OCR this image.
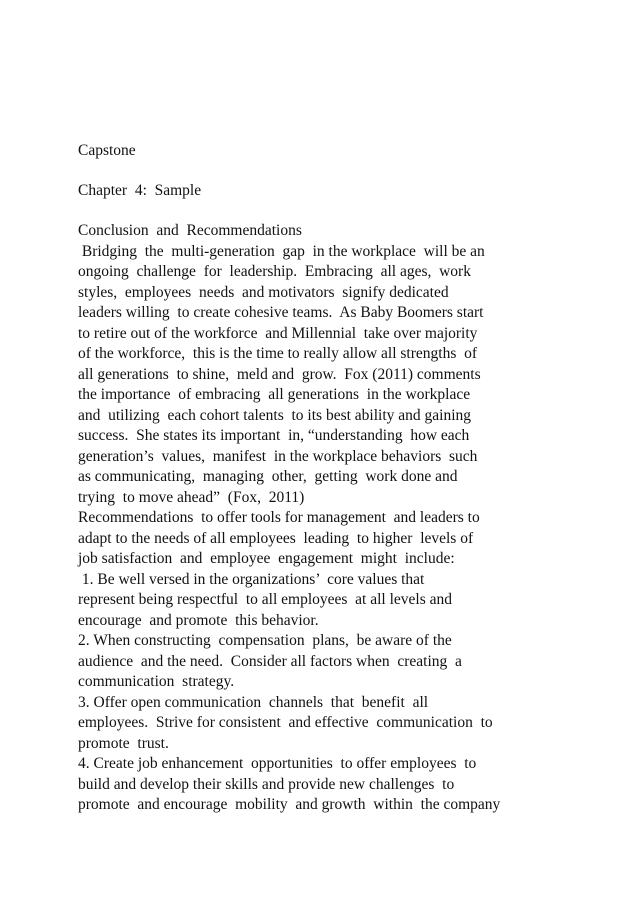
Capstone
Chapter  4:  Sample
Conclusion  and  Recommendations
Bridging  the  multi-generation  gap  in the workplace  will be an
ongoing  challenge  for  leadership.  Embracing  all ages,  work
styles,  employees  needs  and motivators  signify dedicated
leaders willing  to create cohesive teams.  As Baby Boomers start
to retire out of the workforce  and Millennial  take over majority
of the workforce,  this is the time to really allow all strengths  of
all generations  to shine,  meld and  grow.  Fox (2011) comments
the importance  of embracing  all generations  in the workplace
and  utilizing  each cohort talents  to its best ability and gaining
success.  She states its important  in, “understanding  how each
generation’s  values,  manifest  in the workplace behaviors  such
as communicating,  managing  other,  getting  work done and
trying  to move ahead”  (Fox,  2011)
Recommendations  to offer tools for management  and leaders to
adapt to the needs of all employees  leading  to higher  levels of
job satisfaction  and  employee  engagement  might  include:
1. Be well versed in the organizations’  core values that
represent being respectful  to all employees  at all levels and
encourage  and promote  this behavior.
2. When constructing  compensation  plans,  be aware of the
audience  and the need.  Consider all factors when  creating  a
communication  strategy.
3. Offer open communication  channels  that  benefit  all
employees.  Strive for consistent  and effective  communication  to
promote  trust.
4. Create job enhancement  opportunities  to offer employees  to
build and develop their skills and provide new challenges  to
promote  and encourage  mobility  and growth  within  the company
